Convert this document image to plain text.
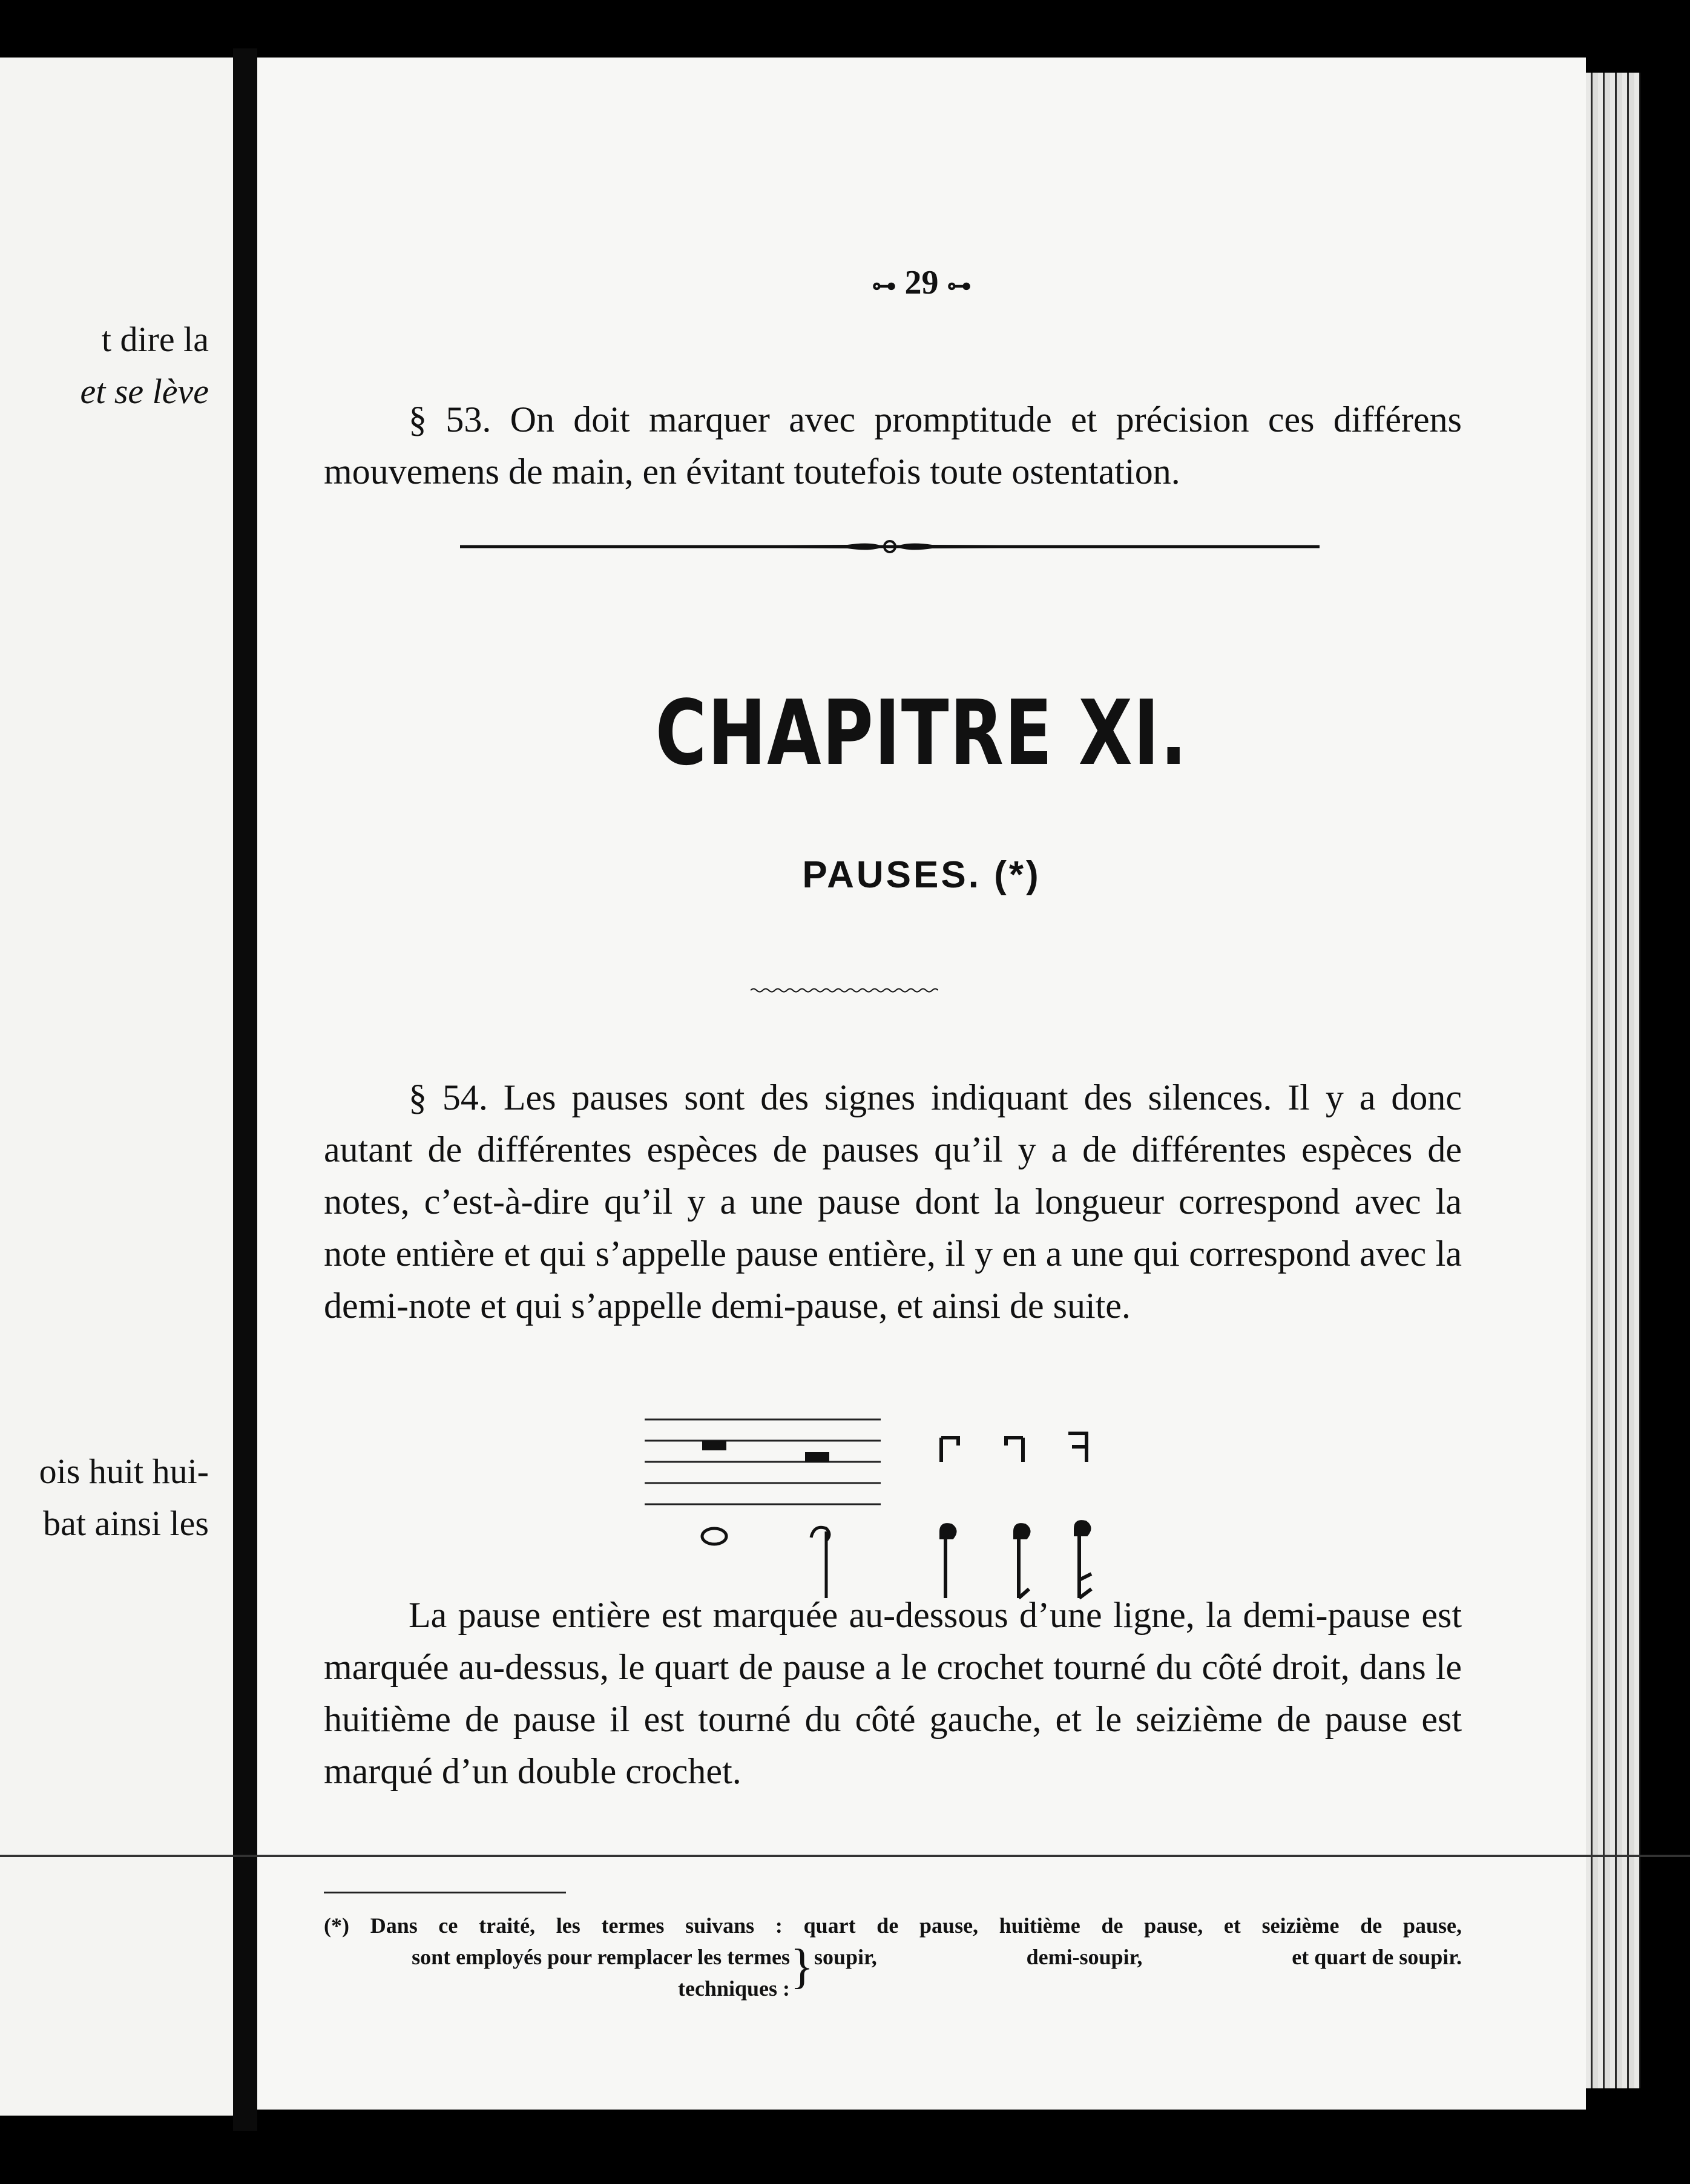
t dire la
et se lève
ois huit hui-
bat ainsi les
⊶ 29 ⊶

§ 53. On doit marquer avec promptitude et précision ces différens mouvemens de main, en évitant toutefois toute ostentation.

CHAPITRE XI.
PAUSES. (*)

§ 54. Les pauses sont des signes indiquant des silences. Il y a donc autant de différentes espèces de pauses qu’il y a de différentes espèces de notes, c’est-à-dire qu’il y a une pause dont la longueur correspond avec la note entière et qui s’appelle pause entière, il y en a une qui correspond avec la demi-note et qui s’appelle demi-pause, et ainsi de suite.

La pause entière est marquée au-dessous d’une ligne, la demi-pause est marquée au-dessus, le quart de pause a le crochet tourné du côté droit, dans le huitième de pause il est tourné du côté gauche, et le seizième de pause est marqué d’un double crochet.

(*) Dans ce traité, les termes suivans : quart de pause, huitième de pause, et seizième de pause,
sont employés pour remplacer les termes
techniques : } soupir,	demi-soupir,	et quart de soupir.
